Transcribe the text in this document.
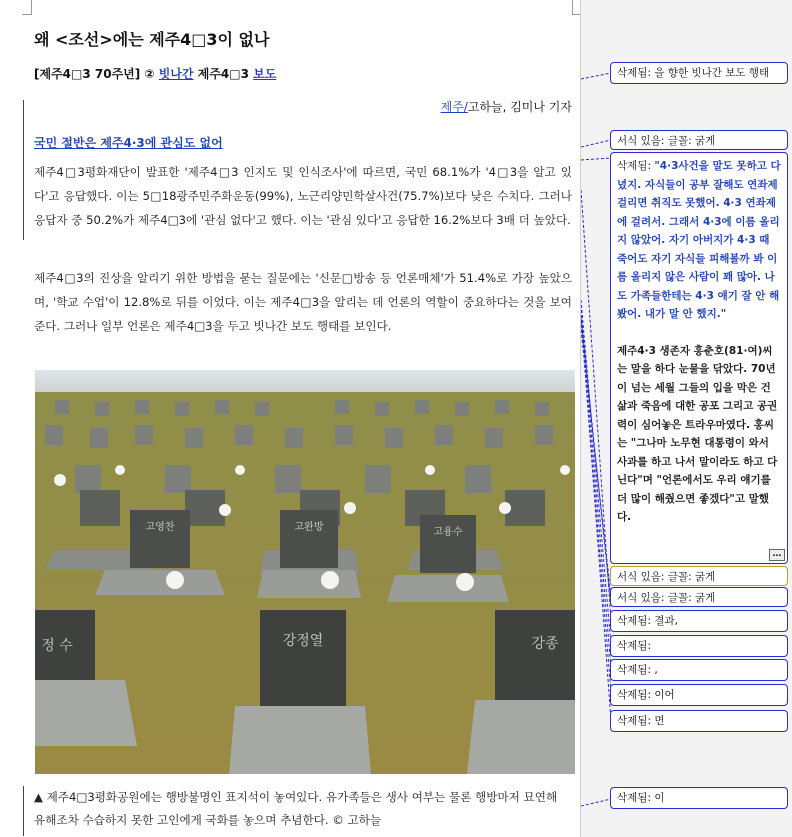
왜 <조선>에는 제주4□3이 없나
[제주4□3 70주년] ② 빗나간 제주4□3 보도
제주/고하늘, 김미나 기자
국민 절반은 제주4·3에 관심도 없어
제주4□3평화재단이 발표한 '제주4□3 인지도 및 인식조사'에 따르면, 국민 68.1%가 '4□3을 알고 있다'고 응답했다. 이는 5□18광주민주화운동(99%), 노근리양민학살사건(75.7%)보다 낮은 수치다. 그러나 응답자 중 50.2%가 제주4□3에 '관심 없다'고 했다. 이는 '관심 있다'고 응답한 16.2%보다 3배 더 높았다.
제주4□3의 진상을 알리기 위한 방법을 묻는 질문에는 '신문□방송 등 언론매체'가 51.4%로 가장 높았으며, '학교 수업'이 12.8%로 뒤를 이었다. 이는 제주4□3을 알리는 데 언론의 역할이 중요하다는 것을 보여준다. 그러나 일부 언론은 제주4□3을 두고 빗나간 보도 행태를 보인다.
고영찬	고완방	고용수
강정열
정 수	강종
▲ 제주4□3평화공원에는 행방불명인 표지석이 놓여있다. 유가족들은 생사 여부는 물론 행방마저 묘연해 유해조차 수습하지 못한 고인에게 국화를 놓으며 추념한다. © 고하늘
삭제됨: 을 향한 빗나간 보도 행태
서식 있음: 글꼴: 굵게
삭제됨: "4·3사건을 말도 못하고 다녔지. 자식들이 공부 잘해도 연좌제 걸리면 취직도 못했어. 4·3 연좌제에 걸려서. 그래서 4·3에 이름 올리지 않았어. 자기 아버지가 4·3 때 죽어도 자기 자식들 피해볼까 봐 이름 올리지 않은 사람이 꽤 많아. 나도 가족들한테는 4·3 얘기 잘 안 해봤어. 내가 말 안 했지."
제주4·3 생존자 홍춘호(81·여)씨는 말을 하다 눈물을 닦았다. 70년이 넘는 세월 그들의 입을 막은 건 삶과 죽음에 대한 공포 그리고 공권력이 심어놓은 트라우마였다. 홍씨는 "그나마 노무현 대통령이 와서 사과를 하고 나서 말이라도 하고 다닌다"며 "언론에서도 우리 얘기를 더 많이 해줬으면 좋겠다"고 말했다.
…
서식 있음: 글꼴: 굵게
서식 있음: 글꼴: 굵게
삭제됨: 결과,
삭제됨:
삭제됨: ,
삭제됨: 이어
삭제됨: 면
삭제됨: 이
